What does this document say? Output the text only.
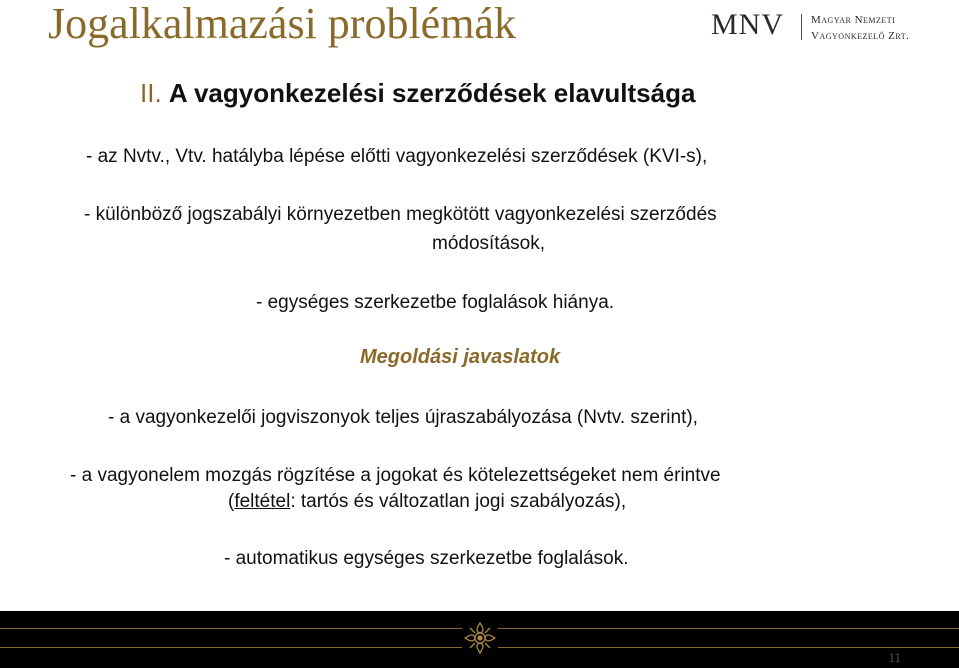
Jogalkalmazási problémák	MNV Magyar Nemzeti
Vagyonkezelő Zrt.
II. A vagyonkezelési szerződések elavultsága
- az Nvtv., Vtv. hatályba lépése előtti vagyonkezelési szerződések (KVI-s),
- különböző jogszabályi környezetben megkötött vagyonkezelési szerződés
módosítások,
- egységes szerkezetbe foglalások hiánya.
Megoldási javaslatok
- a vagyonkezelői jogviszonyok teljes újraszabályozása (Nvtv. szerint),
- a vagyonelem mozgás rögzítése a jogokat és kötelezettségeket nem érintve
(feltétel: tartós és változatlan jogi szabályozás),
- automatikus egységes szerkezetbe foglalások.
11
